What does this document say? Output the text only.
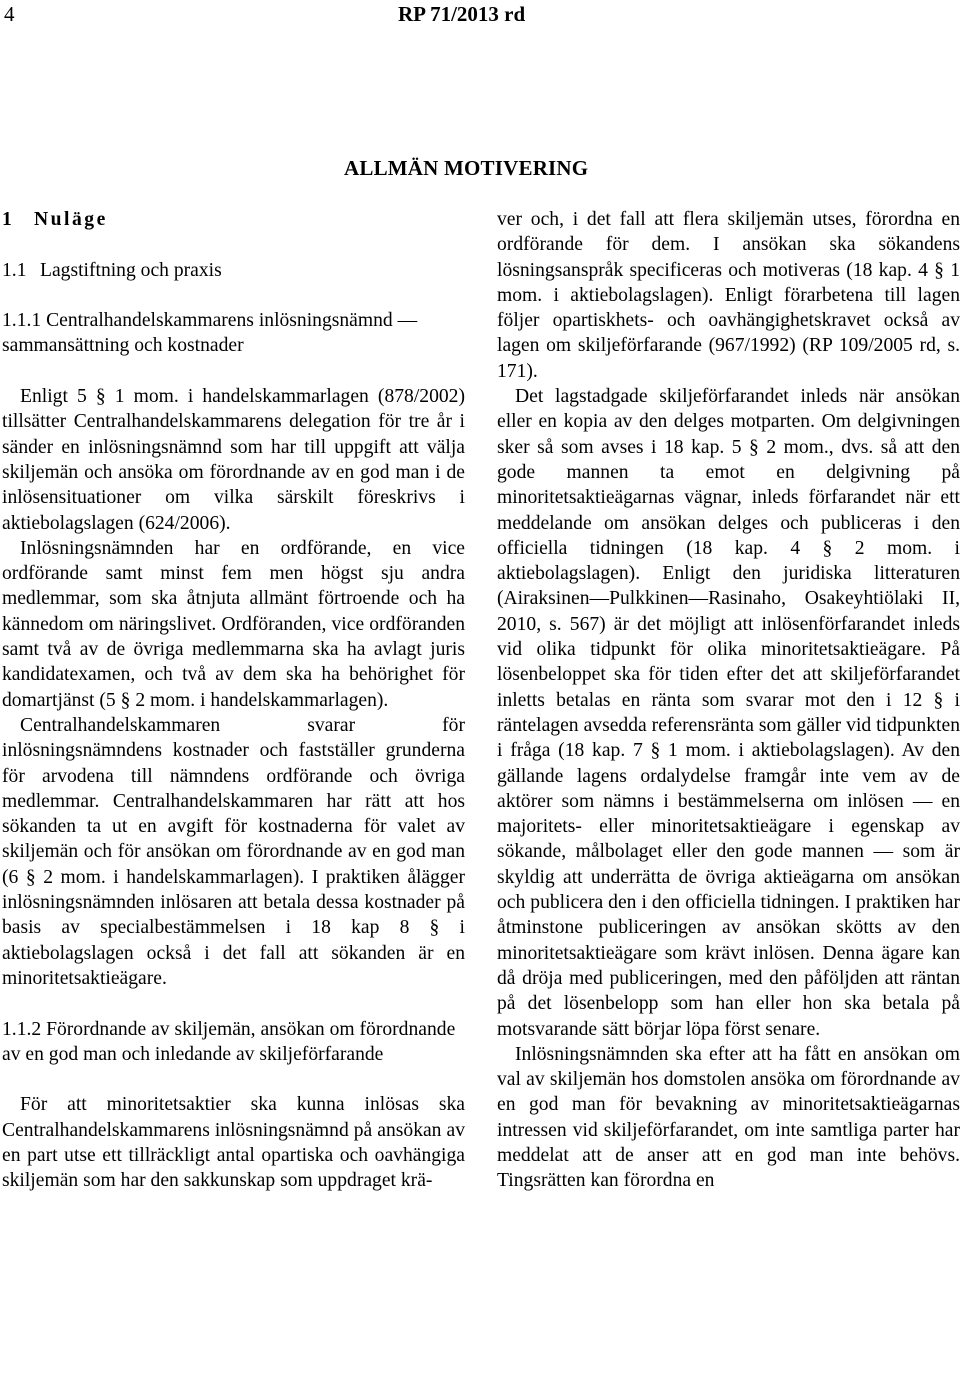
4	RP 71/2013 rd
ALLMÄN MOTIVERING
1 Nuläge
1.1 Lagstiftning och praxis
1.1.1 Centralhandelskammarens inlösningsnämnd — sammansättning och kostnader

Enligt 5 § 1 mom. i handelskammarlagen (878/2002) tillsätter Centralhandelskammarens delegation för tre år i sänder en inlösningsnämnd som har till uppgift att välja skiljemän och ansöka om förordnande av en god man i de inlösensituationer om vilka särskilt föreskrivs i aktiebolagslagen (624/2006).

Inlösningsnämnden har en ordförande, en vice ordförande samt minst fem men högst sju andra medlemmar, som ska åtnjuta allmänt förtroende och ha kännedom om näringslivet. Ordföranden, vice ordföranden samt två av de övriga medlemmarna ska ha avlagt juris kandidatexamen, och två av dem ska ha behörighet för domartjänst (5 § 2 mom. i handelskammarlagen).

Centralhandelskammaren svarar för inlösningsnämndens kostnader och fastställer grunderna för arvodena till nämndens ordförande och övriga medlemmar. Centralhandelskammaren har rätt att hos sökanden ta ut en avgift för kostnaderna för valet av skiljemän och för ansökan om förordnande av en god man (6 § 2 mom. i handelskammarlagen). I praktiken ålägger inlösningsnämnden inlösaren att betala dessa kostnader på basis av specialbestämmelsen i 18 kap 8 § i aktiebolagslagen också i det fall att sökanden är en minoritetsaktieägare.

1.1.2 Förordnande av skiljemän, ansökan om förordnande av en god man och inledande av skiljeförfarande

För att minoritetsaktier ska kunna inlösas ska Centralhandelskammarens inlösningsnämnd på ansökan av en part utse ett tillräckligt antal opartiska och oavhängiga skiljemän som har den sakkunskap som uppdraget krä-

ver och, i det fall att flera skiljemän utses, förordna en ordförande för dem. I ansökan ska sökandens lösningsanspråk specificeras och motiveras (18 kap. 4 § 1 mom. i aktiebolagslagen). Enligt förarbetena till lagen följer opartiskhets- och oavhängighetskravet också av lagen om skiljeförfarande (967/1992) (RP 109/2005 rd, s. 171).

Det lagstadgade skiljeförfarandet inleds när ansökan eller en kopia av den delges motparten. Om delgivningen sker så som avses i 18 kap. 5 § 2 mom., dvs. så att den gode mannen ta emot en delgivning på minoritetsaktieägarnas vägnar, inleds förfarandet när ett meddelande om ansökan delges och publiceras i den officiella tidningen (18 kap. 4 § 2 mom. i aktiebolagslagen). Enligt den juridiska litteraturen (Airaksinen—Pulkkinen—Rasinaho, Osakeyhtiölaki II, 2010, s. 567) är det möjligt att inlösenförfarandet inleds vid olika tidpunkt för olika minoritetsaktieägare. På lösenbeloppet ska för tiden efter det att skiljeförfarandet inletts betalas en ränta som svarar mot den i 12 § i räntelagen avsedda referensränta som gäller vid tidpunkten i fråga (18 kap. 7 § 1 mom. i aktiebolagslagen). Av den gällande lagens ordalydelse framgår inte vem av de aktörer som nämns i bestämmelserna om inlösen — en majoritets- eller minoritetsaktieägare i egenskap av sökande, målbolaget eller den gode mannen — som är skyldig att underrätta de övriga aktieägarna om ansökan och publicera den i den officiella tidningen. I praktiken har åtminstone publiceringen av ansökan skötts av den minoritetsaktieägare som krävt inlösen. Denna ägare kan då dröja med publiceringen, med den påföljden att räntan på det lösenbelopp som han eller hon ska betala på motsvarande sätt börjar löpa först senare.

Inlösningsnämnden ska efter att ha fått en ansökan om val av skiljemän hos domstolen ansöka om förordnande av en god man för bevakning av minoritetsaktieägarnas intressen vid skiljeförfarandet, om inte samtliga parter har meddelat att de anser att en god man inte behövs. Tingsrätten kan förordna en
